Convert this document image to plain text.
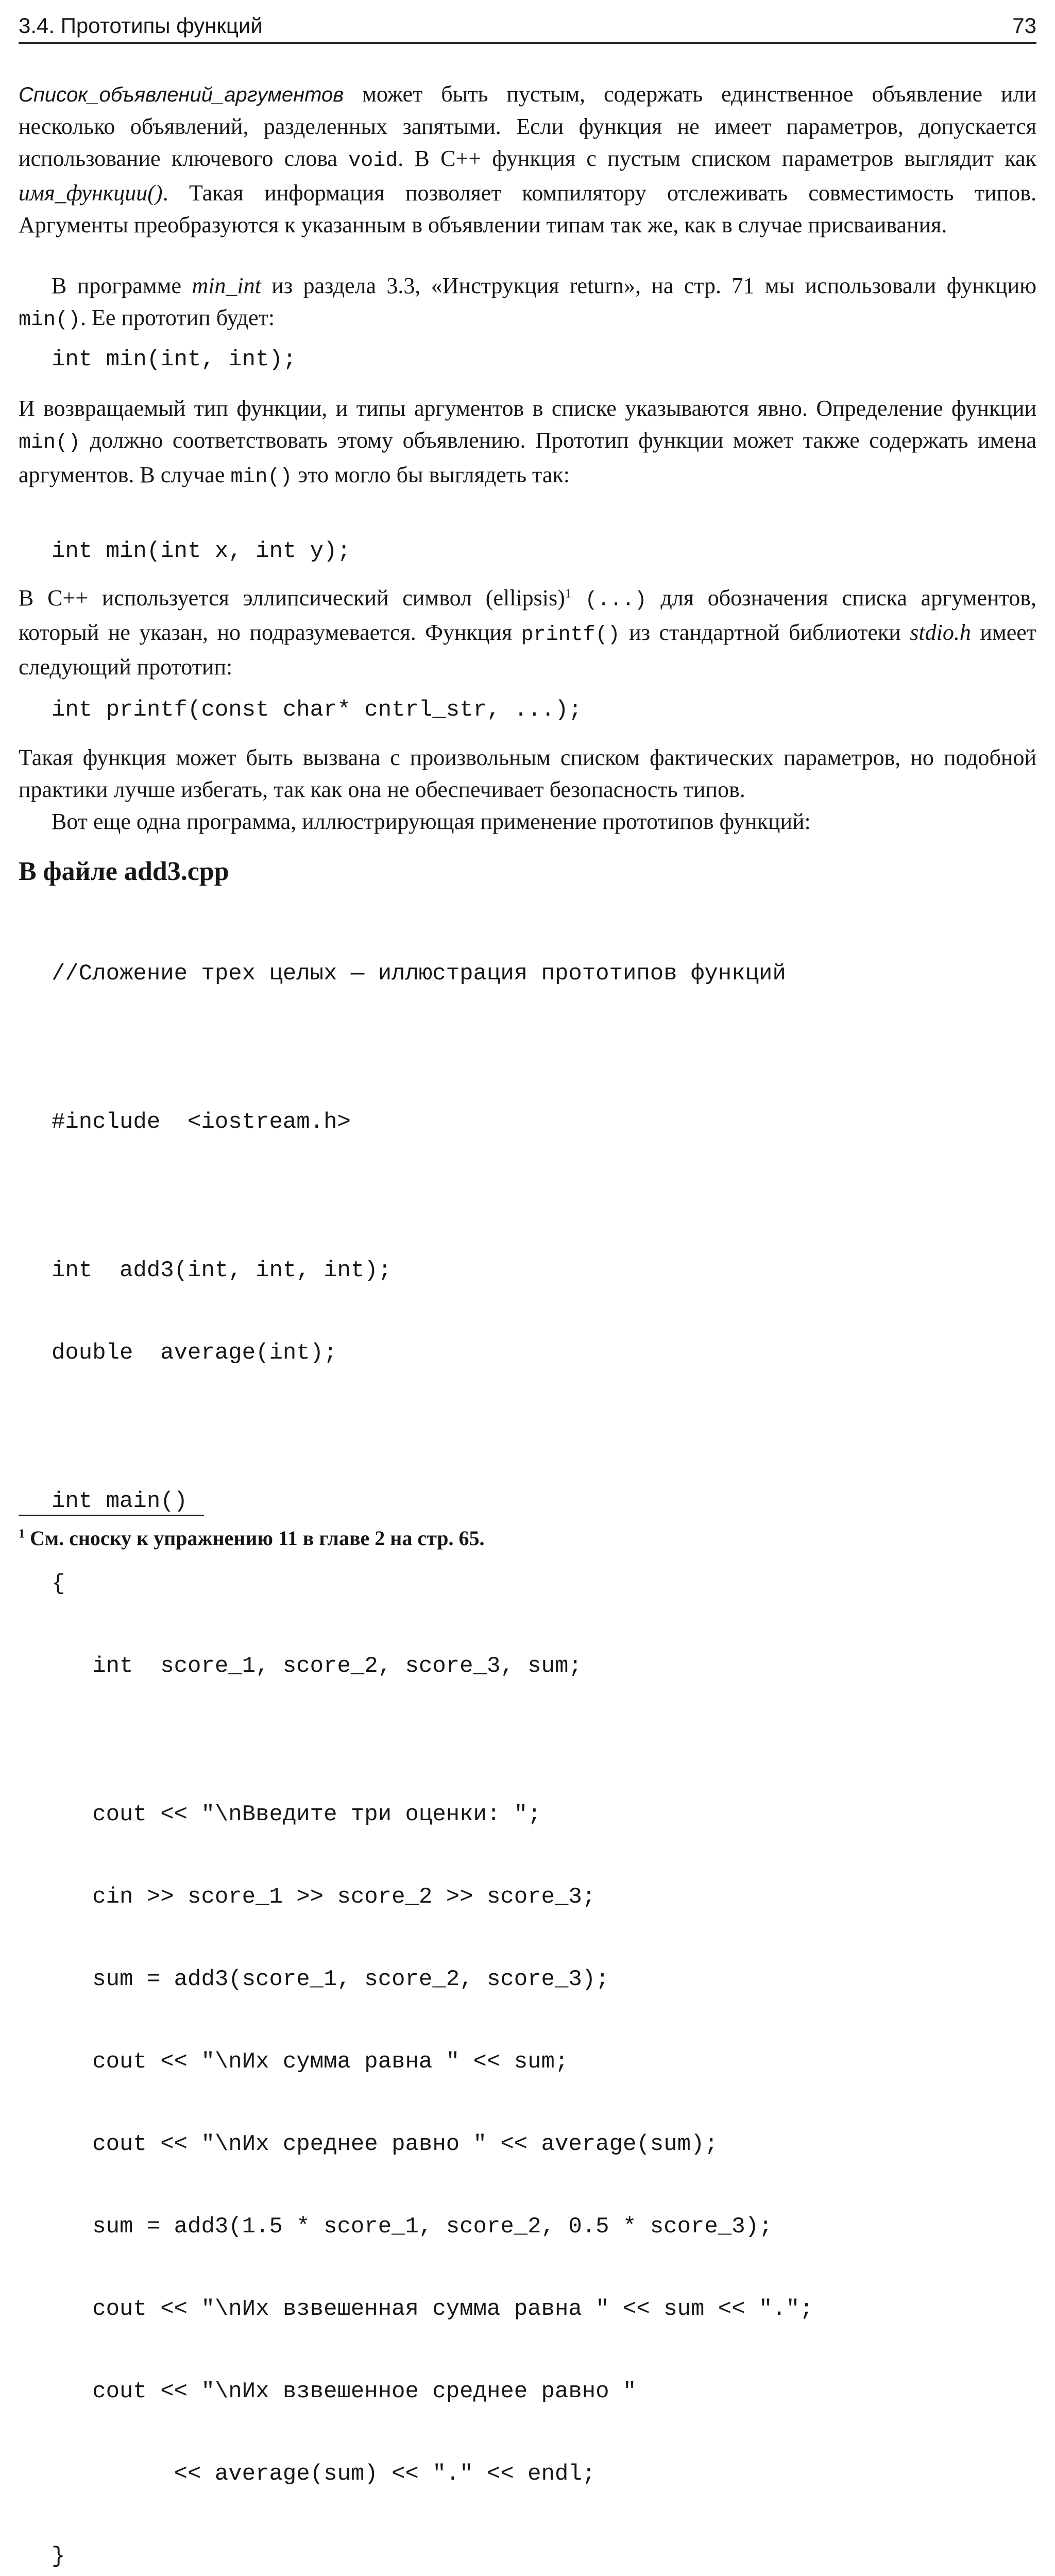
3.4. Прототипы функций	73
Список_объявлений_аргументов может быть пустым, содержать единственное объявление или несколько объявлений, разделенных запятыми. Если функция не имеет параметров, допускается использование ключевого слова void. В C++ функция с пустым списком параметров выглядит как имя_функции(). Такая информация позволяет компилятору отслеживать совместимость типов. Аргументы преобразуются к указанным в объявлении типам так же, как в случае присваивания.
В программе min_int из раздела 3.3, «Инструкция return», на стр. 71 мы использовали функцию min(). Ее прототип будет:
int min(int, int);
И возвращаемый тип функции, и типы аргументов в списке указываются явно. Определение функции min() должно соответствовать этому объявлению. Прототип функции может также содержать имена аргументов. В случае min() это могло бы выглядеть так:
int min(int x, int y);
В C++ используется эллипсический символ (ellipsis)$^1$ (...) для обозначения списка аргументов, который не указан, но подразумевается. Функция printf() из стандартной библиотеки stdio.h имеет следующий прототип:
int printf(const char* cntrl_str, ...);
Такая функция может быть вызвана с произвольным списком фактических параметров, но подобной практики лучше избегать, так как она не обеспечивает безопасность типов.
Вот еще одна программа, иллюстрирующая применение прототипов функций:
В файле add3.cpp

//Сложение трех целых — иллюстрация прототипов функций

#include  <iostream.h>

int  add3(int, int, int);

double  average(int);

int main()

{

int  score_1, score_2, score_3, sum;

cout << "\nВведите три оценки: ";

cin >> score_1 >> score_2 >> score_3;

sum = add3(score_1, score_2, score_3);

cout << "\nИх сумма равна " << sum;

cout << "\nИх среднее равно " << average(sum);

sum = add3(1.5 * score_1, score_2, 0.5 * score_3);

cout << "\nИх взвешенная сумма равна " << sum << ".";

cout << "\nИх взвешенное среднее равно "

<< average(sum) << "." << endl;

}

$^1$ См. сноску к упражнению 11 в главе 2 на стр. 65.
